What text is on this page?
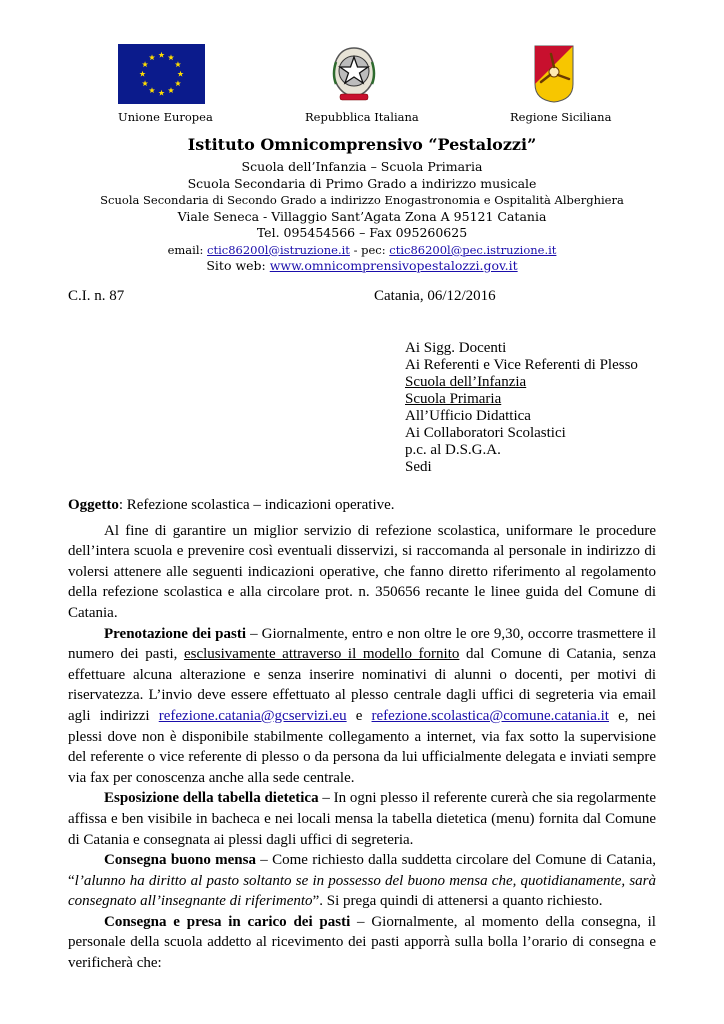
Unione Europea	Repubblica Italiana	Regione Siciliana
Istituto Omnicomprensivo “Pestalozzi”
Scuola dell’Infanzia – Scuola Primaria
Scuola Secondaria di Primo Grado a indirizzo musicale
Scuola Secondaria di Secondo Grado a indirizzo Enogastronomia e Ospitalità Alberghiera
Viale Seneca - Villaggio Sant’Agata Zona A 95121 Catania
Tel. 095454566 – Fax 095260625
email: ctic86200l@istruzione.it - pec: ctic86200l@pec.istruzione.it
Sito web: www.omnicomprensivopestalozzi.gov.it
C.I. n. 87	Catania, 06/12/2016
Ai Sigg. Docenti
Ai Referenti e Vice Referenti di Plesso
Scuola dell’Infanzia
Scuola Primaria
All’Ufficio Didattica
Ai Collaboratori Scolastici
p.c. al D.S.G.A.
Sedi

Oggetto: Refezione scolastica – indicazioni operative.

Al fine di garantire un miglior servizio di refezione scolastica, uniformare le procedure dell’intera scuola e prevenire così eventuali disservizi, si raccomanda al personale in indirizzo di volersi attenere alle seguenti indicazioni operative, che fanno diretto riferimento al regolamento della refezione scolastica e alla circolare prot. n. 350656 recante le linee guida del Comune di Catania.

Prenotazione dei pasti – Giornalmente, entro e non oltre le ore 9,30, occorre trasmettere il numero dei pasti, esclusivamente attraverso il modello fornito dal Comune di Catania, senza effettuare alcuna alterazione e senza inserire nominativi di alunni o docenti, per motivi di riservatezza. L’invio deve essere effettuato al plesso centrale dagli uffici di segreteria via email agli indirizzi refezione.catania@gcservizi.eu e refezione.scolastica@comune.catania.it e, nei plessi dove non è disponibile stabilmente collegamento a internet, via fax sotto la supervisione del referente o vice referente di plesso o da persona da lui ufficialmente delegata e inviati sempre via fax per conoscenza anche alla sede centrale.

Esposizione della tabella dietetica – In ogni plesso il referente curerà che sia regolarmente affissa e ben visibile in bacheca e nei locali mensa la tabella dietetica (menu) fornita dal Comune di Catania e consegnata ai plessi dagli uffici di segreteria.

Consegna buono mensa – Come richiesto dalla suddetta circolare del Comune di Catania, “l’alunno ha diritto al pasto soltanto se in possesso del buono mensa che, quotidianamente, sarà consegnato all’insegnante di riferimento”. Si prega quindi di attenersi a quanto richiesto.

Consegna e presa in carico dei pasti – Giornalmente, al momento della consegna, il personale della scuola addetto al ricevimento dei pasti apporrà sulla bolla l’orario di consegna e verificherà che:
